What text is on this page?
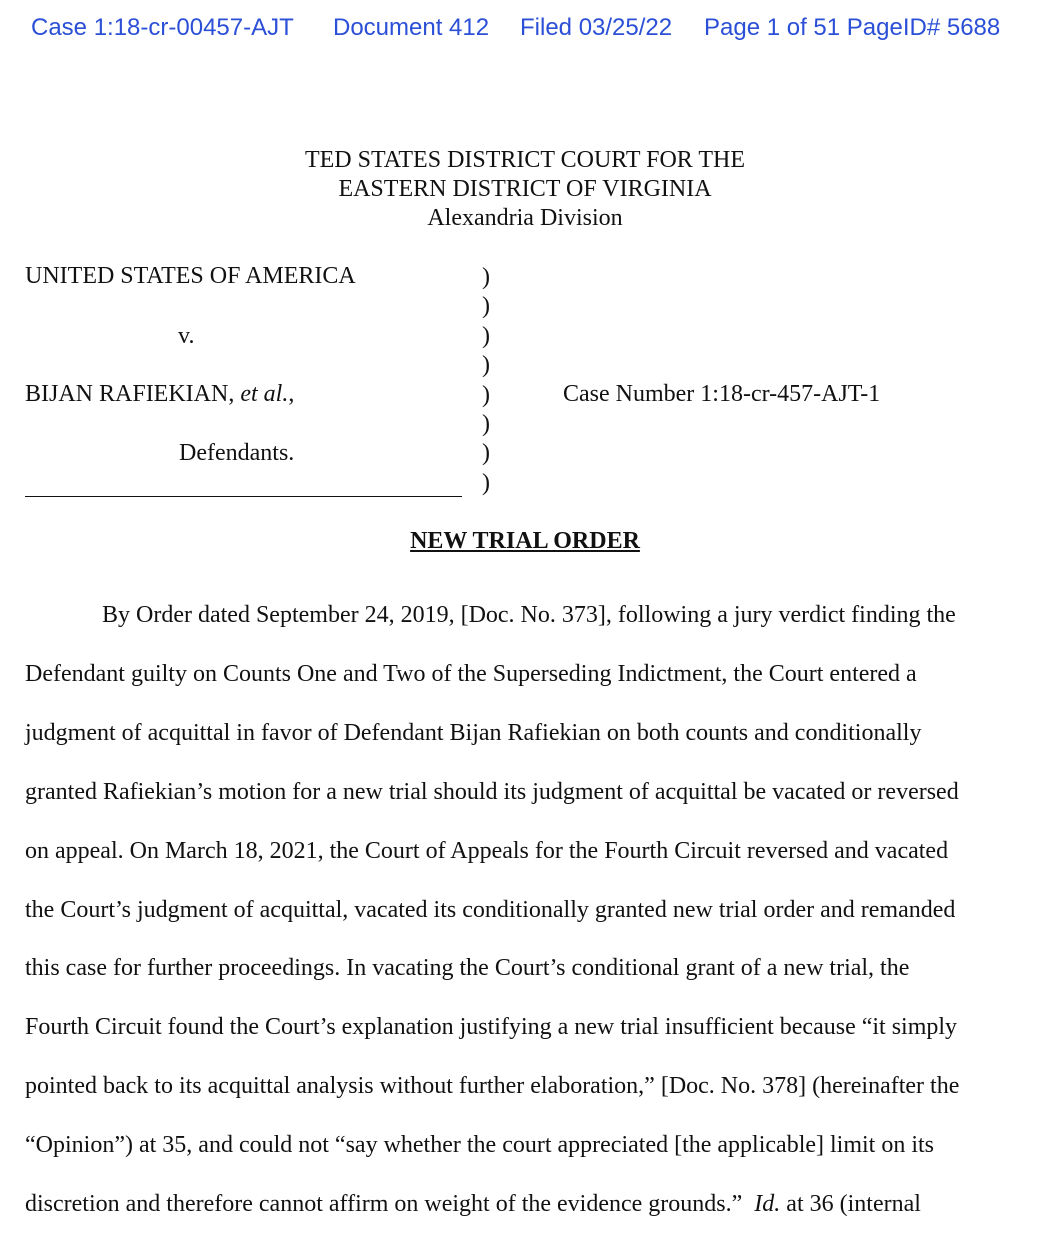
Case 1:18-cr-00457-AJT Document 412 Filed 03/25/22 Page 1 of 51 PageID# 5688
TED STATES DISTRICT COURT FOR THE
EASTERN DISTRICT OF VIRGINIA
Alexandria Division
UNITED STATES OF AMERICA
v.
BIJAN RAFIEKIAN, et al.,
Defendants.
Case Number 1:18-cr-457-AJT-1
)
)
)
)
)
)
)
)
NEW TRIAL ORDER
By Order dated September 24, 2019, [Doc. No. 373], following a jury verdict finding the
Defendant guilty on Counts One and Two of the Superseding Indictment, the Court entered a
judgment of acquittal in favor of Defendant Bijan Rafiekian on both counts and conditionally
granted Rafiekian’s motion for a new trial should its judgment of acquittal be vacated or reversed
on appeal. On March 18, 2021, the Court of Appeals for the Fourth Circuit reversed and vacated
the Court’s judgment of acquittal, vacated its conditionally granted new trial order and remanded
this case for further proceedings. In vacating the Court’s conditional grant of a new trial, the
Fourth Circuit found the Court’s explanation justifying a new trial insufficient because “it simply
pointed back to its acquittal analysis without further elaboration,” [Doc. No. 378] (hereinafter the
“Opinion”) at 35, and could not “say whether the court appreciated [the applicable] limit on its
discretion and therefore cannot affirm on weight of the evidence grounds.”  Id. at 36 (internal
